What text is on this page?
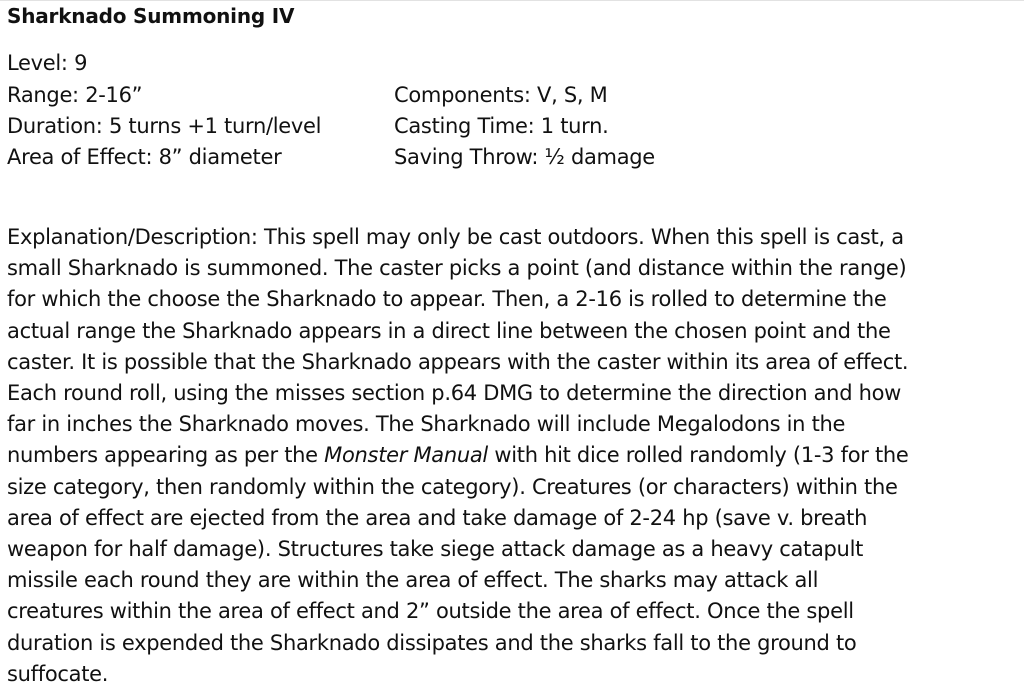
Sharknado Summoning IV
Level: 9
Range: 2-16”
Duration: 5 turns +1 turn/level
Area of Effect: 8” diameter
Components: V, S, M
Casting Time: 1 turn.
Saving Throw: ½ damage
Explanation/Description: This spell may only be cast outdoors. When this spell is cast, a
small Sharknado is summoned. The caster picks a point (and distance within the range)
for which the choose the Sharknado to appear. Then, a 2-16 is rolled to determine the
actual range the Sharknado appears in a direct line between the chosen point and the
caster. It is possible that the Sharknado appears with the caster within its area of effect.
Each round roll, using the misses section p.64 DMG to determine the direction and how
far in inches the Sharknado moves. The Sharknado will include Megalodons in the
numbers appearing as per the Monster Manual with hit dice rolled randomly (1-3 for the
size category, then randomly within the category). Creatures (or characters) within the
area of effect are ejected from the area and take damage of 2-24 hp (save v. breath
weapon for half damage). Structures take siege attack damage as a heavy catapult
missile each round they are within the area of effect. The sharks may attack all
creatures within the area of effect and 2” outside the area of effect. Once the spell
duration is expended the Sharknado dissipates and the sharks fall to the ground to
suffocate.
